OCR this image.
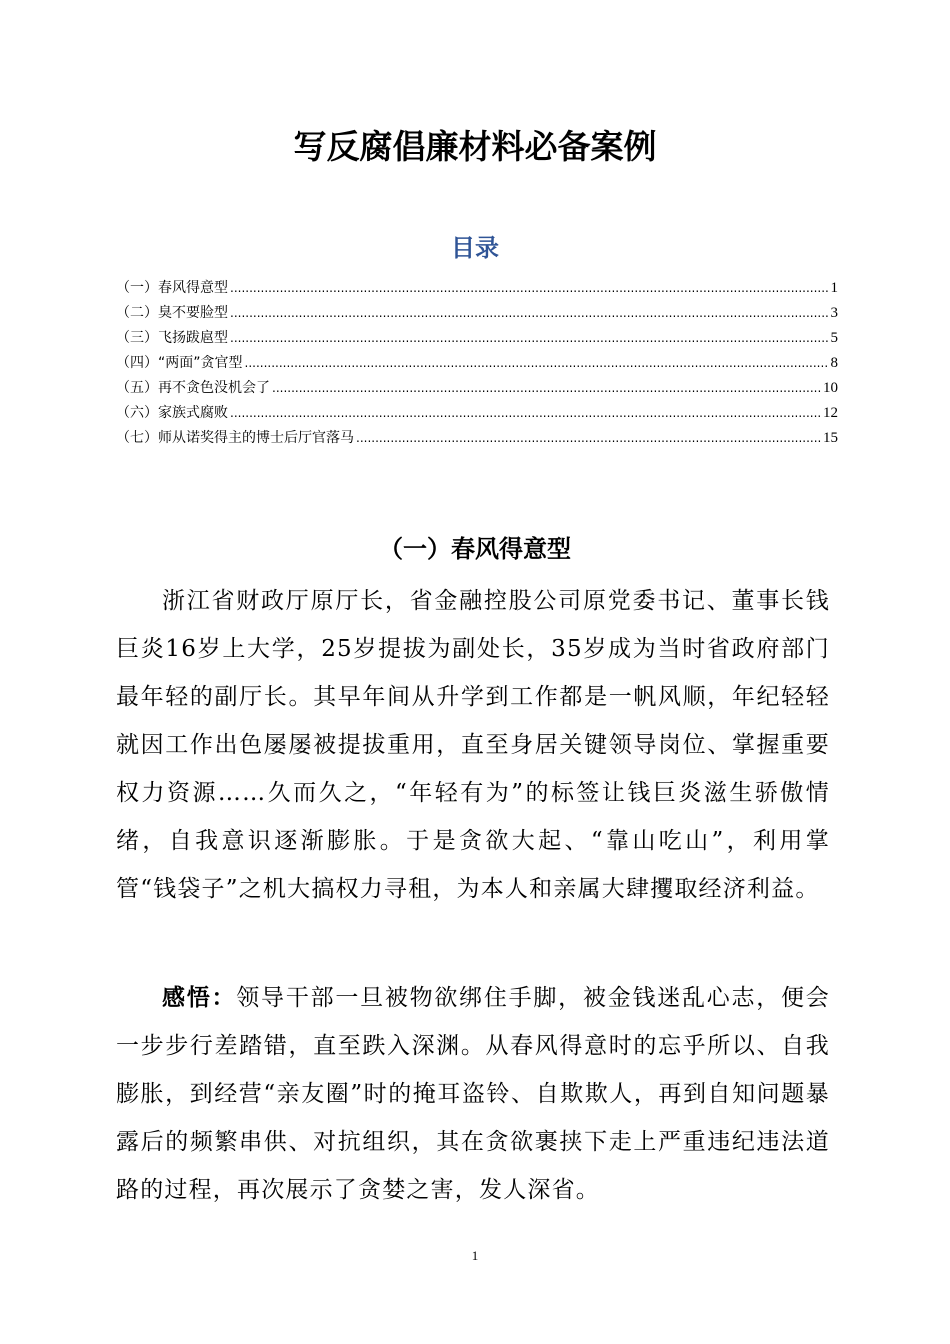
写反腐倡廉材料必备案例
目录
（一）春风得意型 .....	1
（二）臭不要脸型 .....	3
（三）飞扬跋扈型 .....	5
（四）“两面”贪官型 .....	8
（五）再不贪色没机会了 .....	10
（六）家族式腐败 .....	12
（七）师从诺奖得主的博士后厅官落马 .....	15
（一）春风得意型

浙江省财政厅原厅长，省金融控股公司原党委书记、董事长钱巨炎16岁上大学，25岁提拔为副处长，35岁成为当时省政府部门最年轻的副厅长。其早年间从升学到工作都是一帆风顺，年纪轻轻就因工作出色屡屡被提拔重用，直至身居关键领导岗位、掌握重要权力资源……久而久之，“年轻有为”的标签让钱巨炎滋生骄傲情绪，自我意识逐渐膨胀。于是贪欲大起、“靠山吃山”，利用掌管“钱袋子”之机大搞权力寻租，为本人和亲属大肆攫取经济利益。

感悟：领导干部一旦被物欲绑住手脚，被金钱迷乱心志，便会一步步行差踏错，直至跌入深渊。从春风得意时的忘乎所以、自我膨胀，到经营“亲友圈”时的掩耳盗铃、自欺欺人，再到自知问题暴露后的频繁串供、对抗组织，其在贪欲裹挟下走上严重违纪违法道路的过程，再次展示了贪婪之害，发人深省。

1
